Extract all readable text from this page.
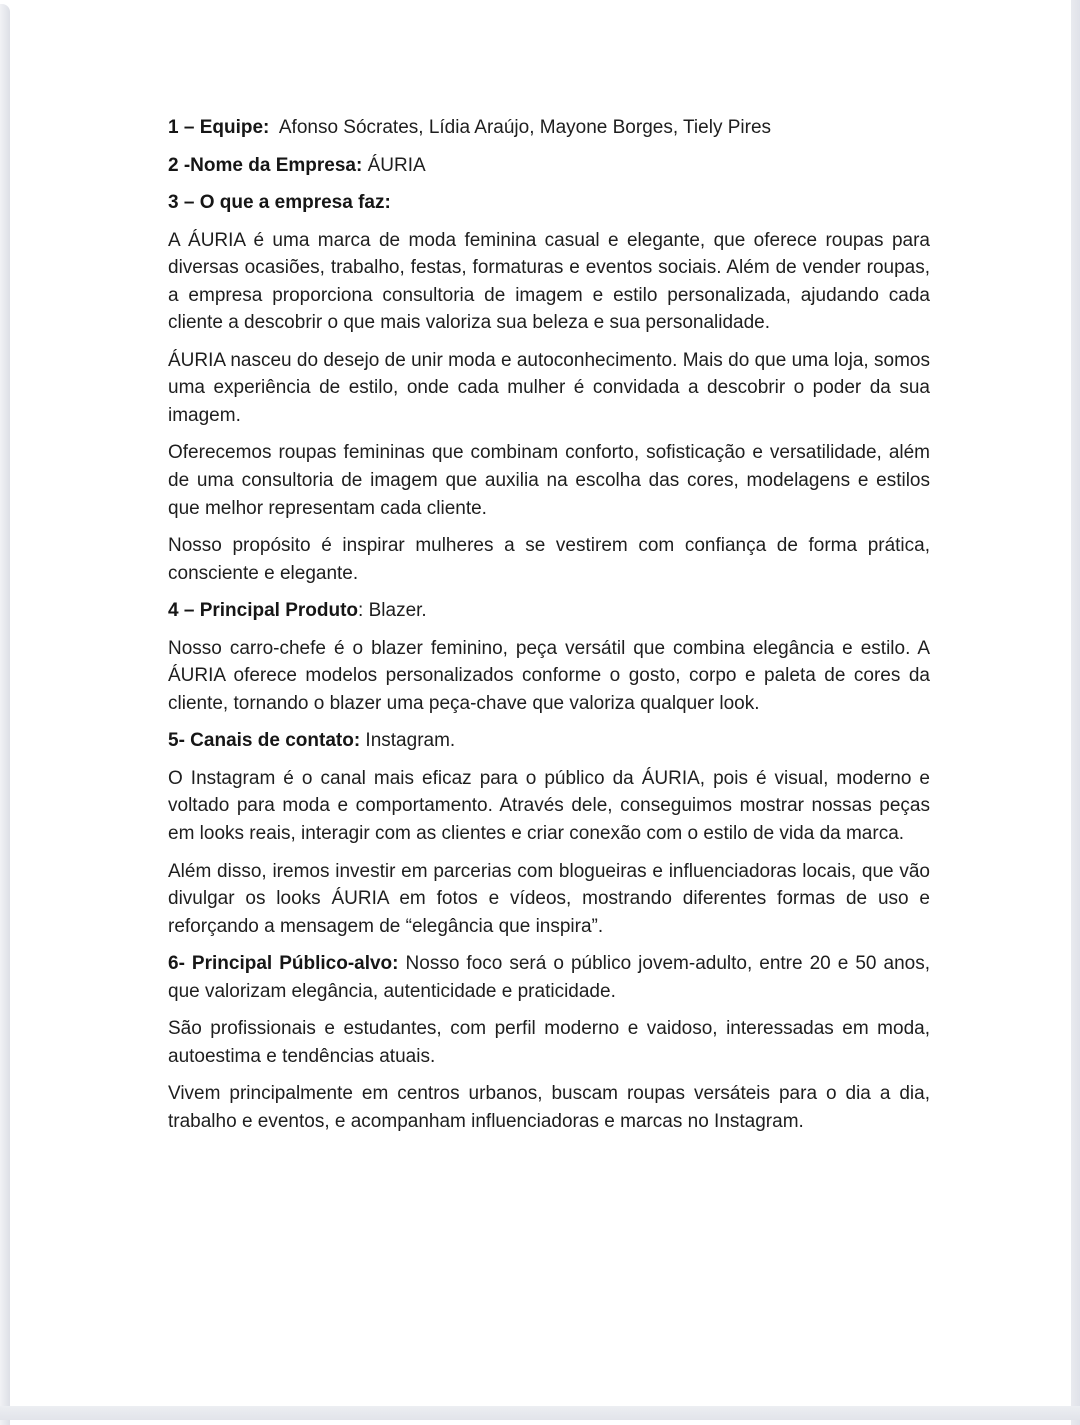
1 – Equipe:  Afonso Sócrates, Lídia Araújo, Mayone Borges, Tiely Pires

2 -Nome da Empresa: ÁURIA

3 – O que a empresa faz:

A ÁURIA é uma marca de moda feminina casual e elegante, que oferece roupas para diversas ocasiões, trabalho, festas, formaturas e eventos sociais. Além de vender roupas, a empresa proporciona consultoria de imagem e estilo personalizada, ajudando cada cliente a descobrir o que mais valoriza sua beleza e sua personalidade.

ÁURIA nasceu do desejo de unir moda e autoconhecimento. Mais do que uma loja, somos uma experiência de estilo, onde cada mulher é convidada a descobrir o poder da sua imagem.

Oferecemos roupas femininas que combinam conforto, sofisticação e versatilidade, além de uma consultoria de imagem que auxilia na escolha das cores, modelagens e estilos que melhor representam cada cliente.

Nosso propósito é inspirar mulheres a se vestirem com confiança de forma prática, consciente e elegante.

4 – Principal Produto: Blazer.

Nosso carro-chefe é o blazer feminino, peça versátil que combina elegância e estilo. A ÁURIA oferece modelos personalizados conforme o gosto, corpo e paleta de cores da cliente, tornando o blazer uma peça-chave que valoriza qualquer look.

5- Canais de contato: Instagram.

O Instagram é o canal mais eficaz para o público da ÁURIA, pois é visual, moderno e voltado para moda e comportamento. Através dele, conseguimos mostrar nossas peças em looks reais, interagir com as clientes e criar conexão com o estilo de vida da marca.

Além disso, iremos investir em parcerias com blogueiras e influenciadoras locais, que vão divulgar os looks ÁURIA em fotos e vídeos, mostrando diferentes formas de uso e reforçando a mensagem de “elegância que inspira”.

6- Principal Público-alvo: Nosso foco será o público jovem-adulto, entre 20 e 50 anos, que valorizam elegância, autenticidade e praticidade.

São profissionais e estudantes, com perfil moderno e vaidoso, interessadas em moda, autoestima e tendências atuais.

Vivem principalmente em centros urbanos, buscam roupas versáteis para o dia a dia, trabalho e eventos, e acompanham influenciadoras e marcas no Instagram.
